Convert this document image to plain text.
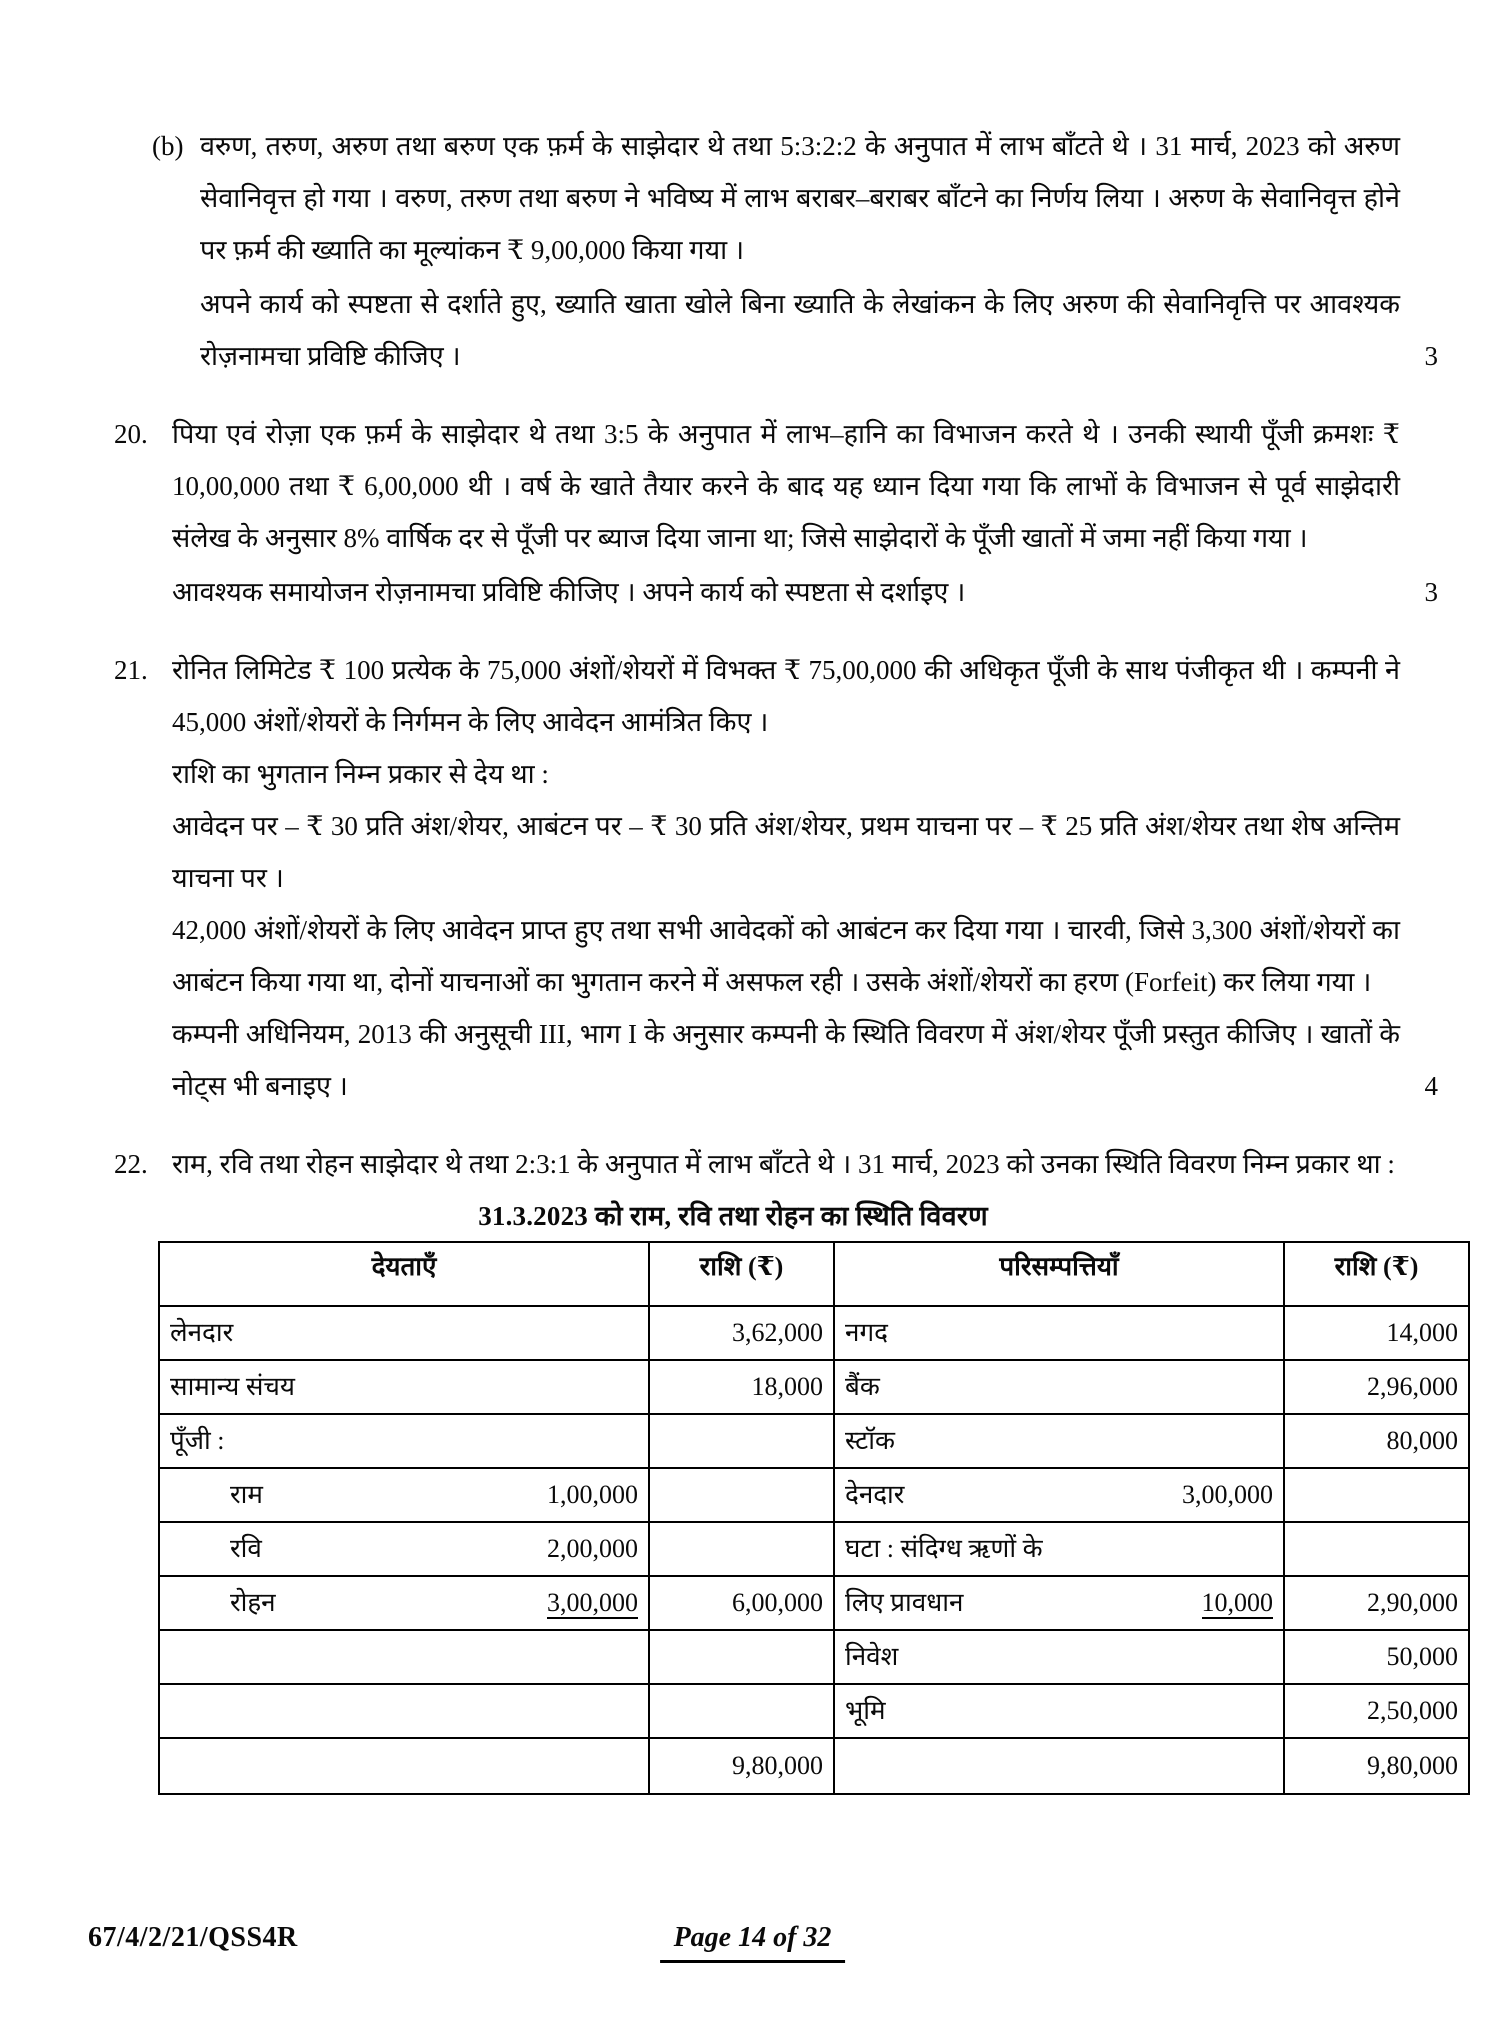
(b) वरुण, तरुण, अरुण तथा बरुण एक फ़र्म के साझेदार थे तथा 5:3:2:2 के अनुपात में लाभ बाँटते थे । 31 मार्च, 2023 को अरुण सेवानिवृत्त हो गया । वरुण, तरुण तथा बरुण ने भविष्य में लाभ बराबर–बराबर बाँटने का निर्णय लिया । अरुण के सेवानिवृत्त होने पर फ़र्म की ख्याति का मूल्यांकन ₹ 9,00,000 किया गया ।

अपने कार्य को स्पष्टता से दर्शाते हुए, ख्याति खाता खोले बिना ख्याति के लेखांकन के लिए अरुण की सेवानिवृत्ति पर आवश्यक रोज़नामचा प्रविष्टि कीजिए ।	3
20. पिया एवं रोज़ा एक फ़र्म के साझेदार थे तथा 3:5 के अनुपात में लाभ–हानि का विभाजन करते थे । उनकी स्थायी पूँजी क्रमशः ₹ 10,00,000 तथा ₹ 6,00,000 थी । वर्ष के खाते तैयार करने के बाद यह ध्यान दिया गया कि लाभों के विभाजन से पूर्व साझेदारी संलेख के अनुसार 8% वार्षिक दर से पूँजी पर ब्याज दिया जाना था; जिसे साझेदारों के पूँजी खातों में जमा नहीं किया गया ।

आवश्यक समायोजन रोज़नामचा प्रविष्टि कीजिए । अपने कार्य को स्पष्टता से दर्शाइए ।	3
21. रोनित लिमिटेड ₹ 100 प्रत्येक के 75,000 अंशों/शेयरों में विभक्त ₹ 75,00,000 की अधिकृत पूँजी के साथ पंजीकृत थी । कम्पनी ने 45,000 अंशों/शेयरों के निर्गमन के लिए आवेदन आमंत्रित किए ।

राशि का भुगतान निम्न प्रकार से देय था :

आवेदन पर – ₹ 30 प्रति अंश/शेयर, आबंटन पर – ₹ 30 प्रति अंश/शेयर, प्रथम याचना पर – ₹ 25 प्रति अंश/शेयर तथा शेष अन्तिम याचना पर ।

42,000 अंशों/शेयरों के लिए आवेदन प्राप्त हुए तथा सभी आवेदकों को आबंटन कर दिया गया । चारवी, जिसे 3,300 अंशों/शेयरों का आबंटन किया गया था, दोनों याचनाओं का भुगतान करने में असफल रही । उसके अंशों/शेयरों का हरण (Forfeit) कर लिया गया ।

कम्पनी अधिनियम, 2013 की अनुसूची III, भाग I के अनुसार कम्पनी के स्थिति विवरण में अंश/शेयर पूँजी प्रस्तुत कीजिए । खातों के नोट्स भी बनाइए ।	4
22. राम, रवि तथा रोहन साझेदार थे तथा 2:3:1 के अनुपात में लाभ बाँटते थे । 31 मार्च, 2023 को उनका स्थिति विवरण निम्न प्रकार था :

31.3.2023 को राम, रवि तथा रोहन का स्थिति विवरण
देयताएँ		राशि (₹)	परिसम्पत्तियाँ		राशि (₹)
लेनदार		3,62,000	नगद		14,000
सामान्य संचय		18,000	बैंक		2,96,000
पूँजी :			स्टॉक		80,000
राम	1,00,000		देनदार	3,00,000	
रवि	2,00,000		घटा : संदिग्ध ऋणों के		
रोहन	3,00,000	6,00,000	लिए प्रावधान	10,000	2,90,000
			निवेश		50,000
			भूमि		2,50,000
		9,80,000			9,80,000
67/4/2/21/QSS4R	Page 14 of 32
